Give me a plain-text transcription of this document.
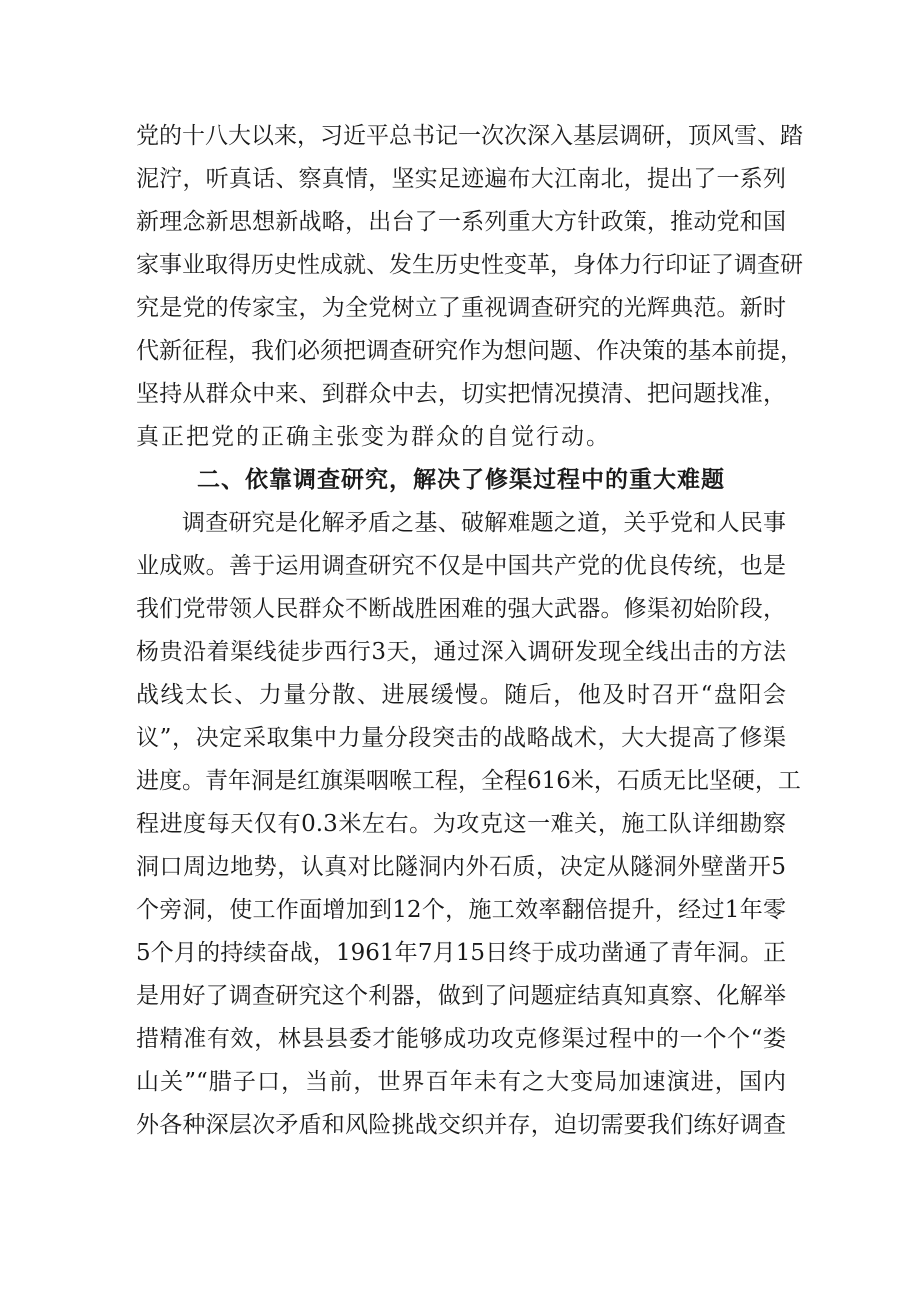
党的十八大以来，习近平总书记一次次深入基层调研，顶风雪、踏
泥泞，听真话、察真情，坚实足迹遍布大江南北，提出了一系列
新理念新思想新战略，出台了一系列重大方针政策，推动党和国
家事业取得历史性成就、发生历史性变革，身体力行印证了调查研
究是党的传家宝，为全党树立了重视调查研究的光辉典范。新时
代新征程，我们必须把调查研究作为想问题、作决策的基本前提，
坚持从群众中来、到群众中去，切实把情况摸清、把问题找准，
真正把党的正确主张变为群众的自觉行动。
二、依靠调查研究，解决了修渠过程中的重大难题
调查研究是化解矛盾之基、破解难题之道，关乎党和人民事
业成败。善于运用调查研究不仅是中国共产党的优良传统，也是
我们党带领人民群众不断战胜困难的强大武器。修渠初始阶段，
杨贵沿着渠线徒步西行3天，通过深入调研发现全线出击的方法
战线太长、力量分散、进展缓慢。随后，他及时召开“盘阳会
议”，决定采取集中力量分段突击的战略战术，大大提高了修渠
进度。青年洞是红旗渠咽喉工程，全程616米，石质无比坚硬，工
程进度每天仅有0.3米左右。为攻克这一难关，施工队详细勘察
洞口周边地势，认真对比隧洞内外石质，决定从隧洞外壁凿开5
个旁洞，使工作面增加到12个，施工效率翻倍提升，经过1年零
5个月的持续奋战，1961年7月15日终于成功凿通了青年洞。正
是用好了调查研究这个利器，做到了问题症结真知真察、化解举
措精准有效，林县县委才能够成功攻克修渠过程中的一个个“娄
山关”“腊子口，当前，世界百年未有之大变局加速演进，国内
外各种深层次矛盾和风险挑战交织并存，迫切需要我们练好调查
